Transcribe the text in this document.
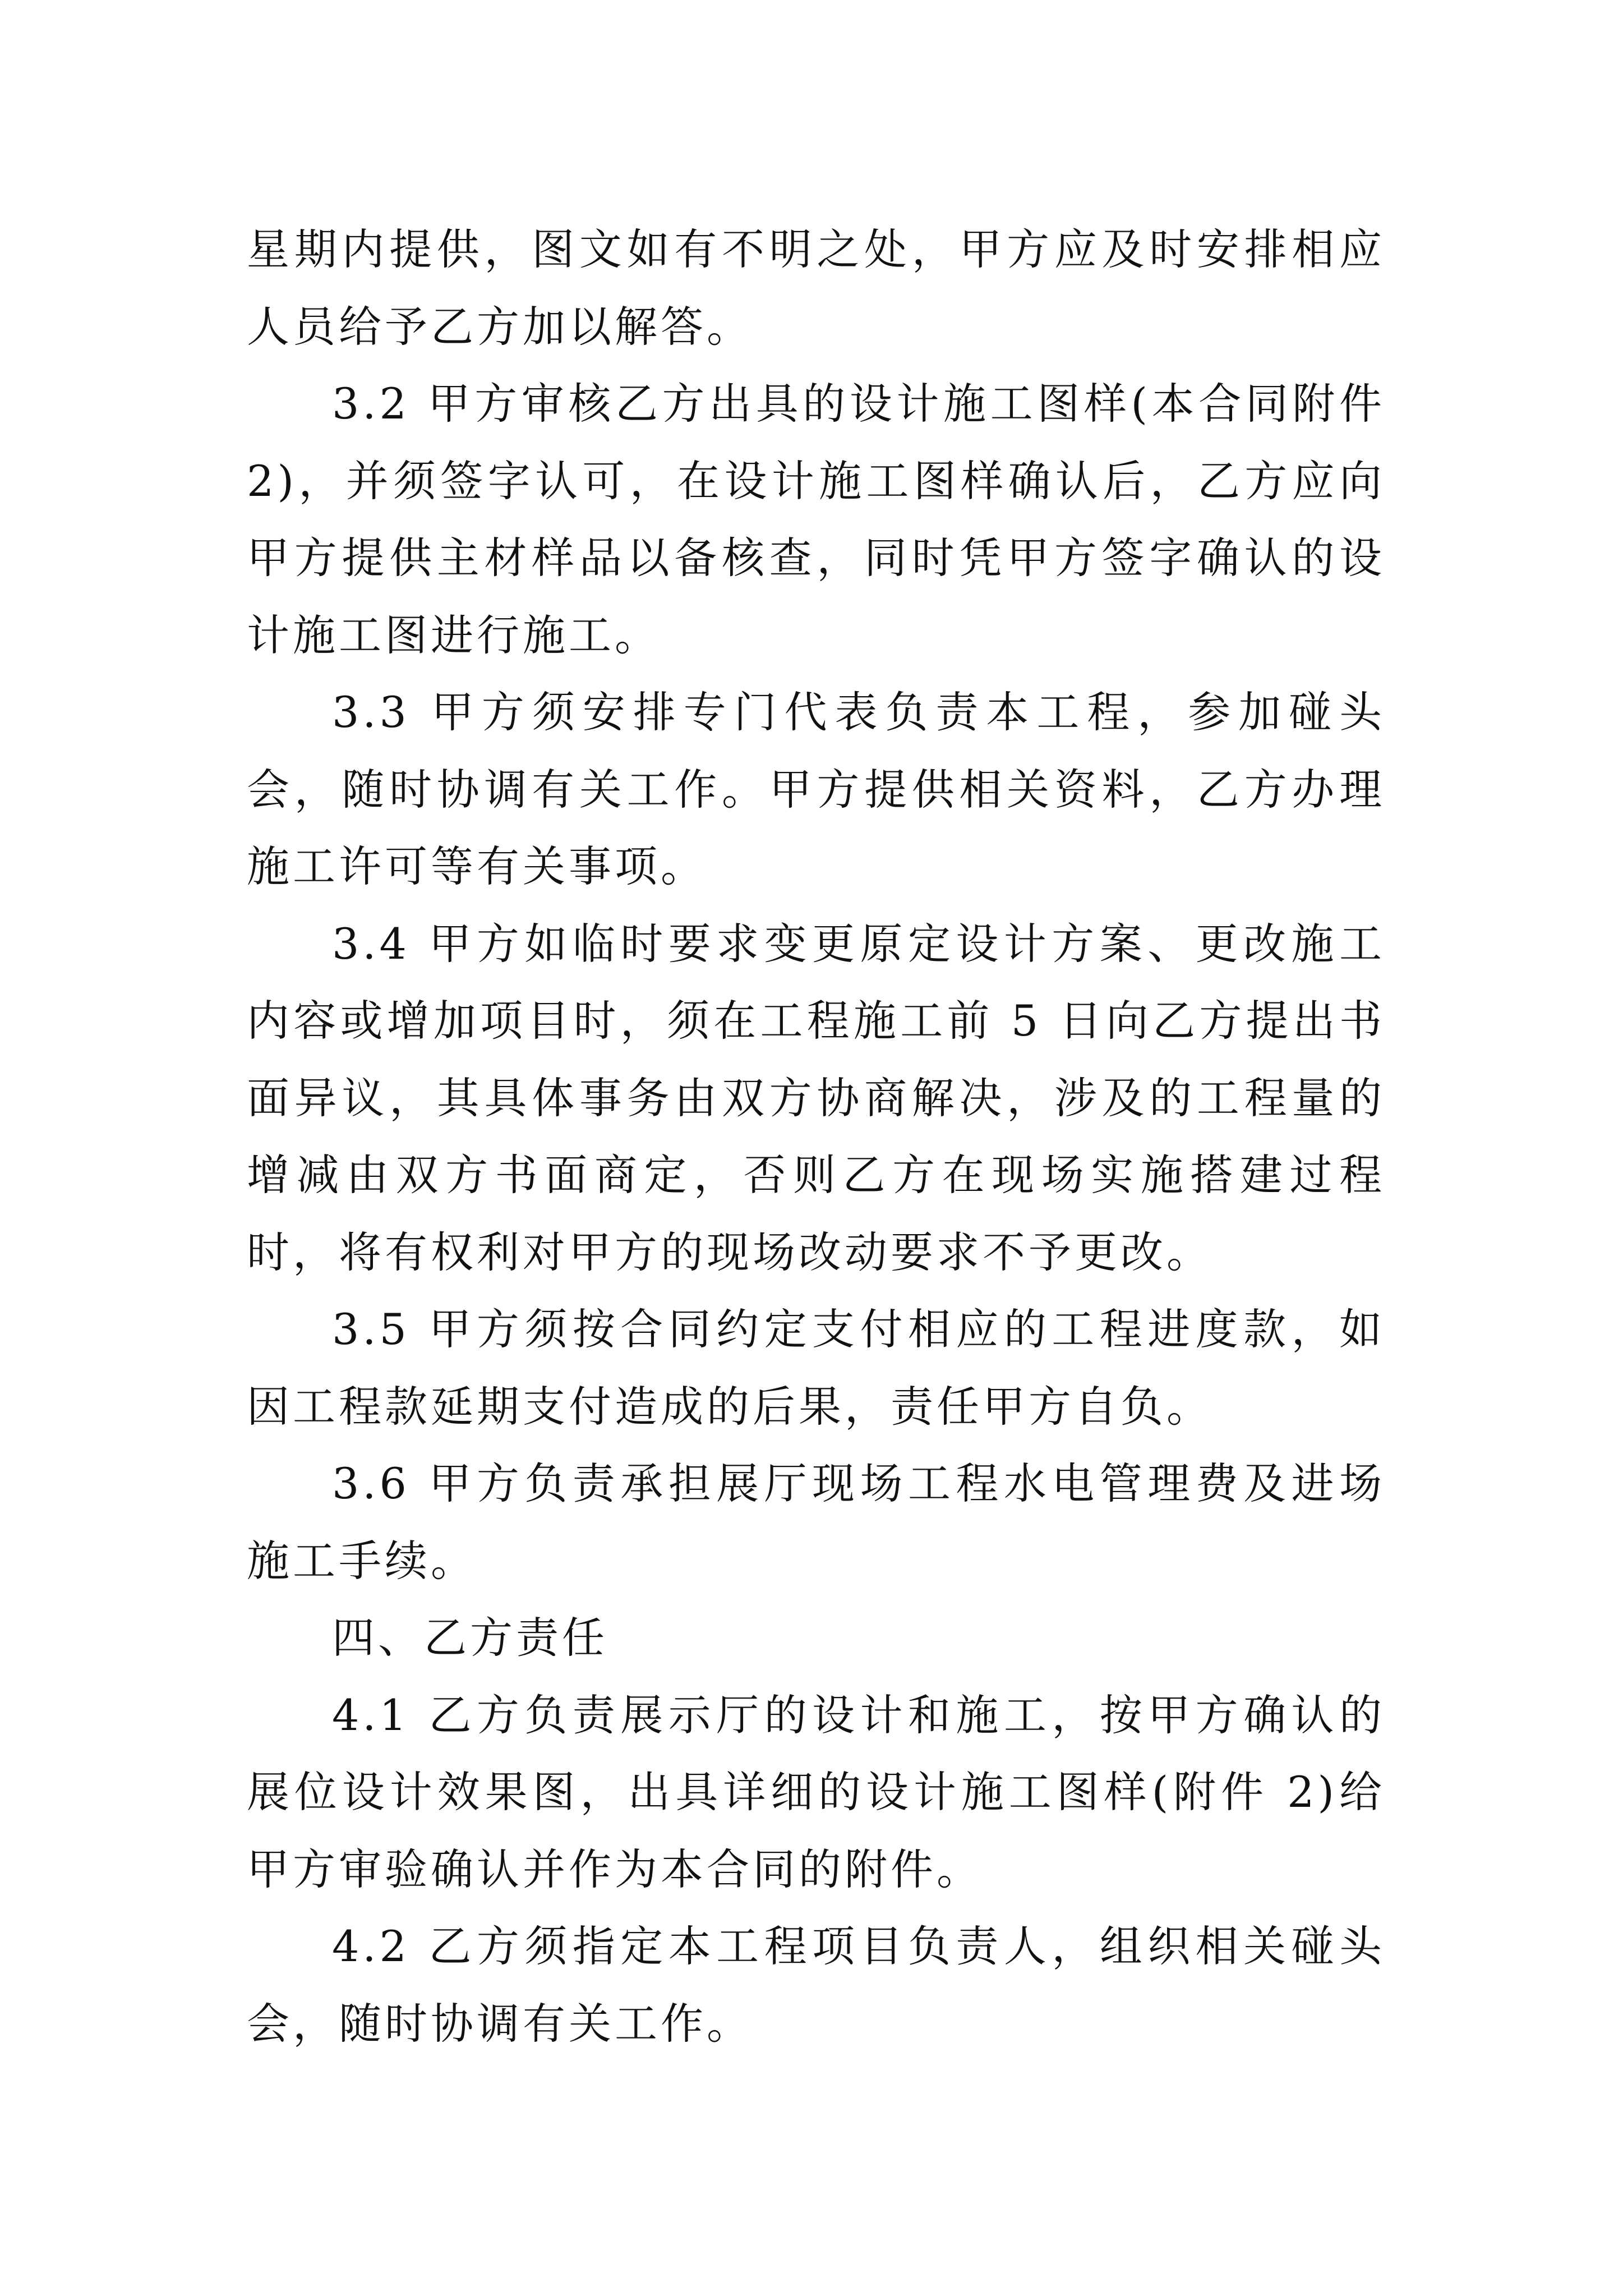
星期内提供，图文如有不明之处，甲方应及时安排相应人员给予乙方加以解答。

3.2 甲方审核乙方出具的设计施工图样(本合同附件 2)，并须签字认可，在设计施工图样确认后，乙方应向甲方提供主材样品以备核查，同时凭甲方签字确认的设计施工图进行施工。

3.3 甲方须安排专门代表负责本工程，参加碰头会，随时协调有关工作。甲方提供相关资料，乙方办理施工许可等有关事项。

3.4 甲方如临时要求变更原定设计方案、更改施工内容或增加项目时，须在工程施工前 5 日向乙方提出书面异议，其具体事务由双方协商解决，涉及的工程量的增减由双方书面商定，否则乙方在现场实施搭建过程时，将有权利对甲方的现场改动要求不予更改。

3.5 甲方须按合同约定支付相应的工程进度款，如因工程款延期支付造成的后果，责任甲方自负。

3.6 甲方负责承担展厅现场工程水电管理费及进场施工手续。

四、乙方责任

4.1 乙方负责展示厅的设计和施工，按甲方确认的展位设计效果图，出具详细的设计施工图样(附件 2)给甲方审验确认并作为本合同的附件。

4.2 乙方须指定本工程项目负责人，组织相关碰头会，随时协调有关工作。
